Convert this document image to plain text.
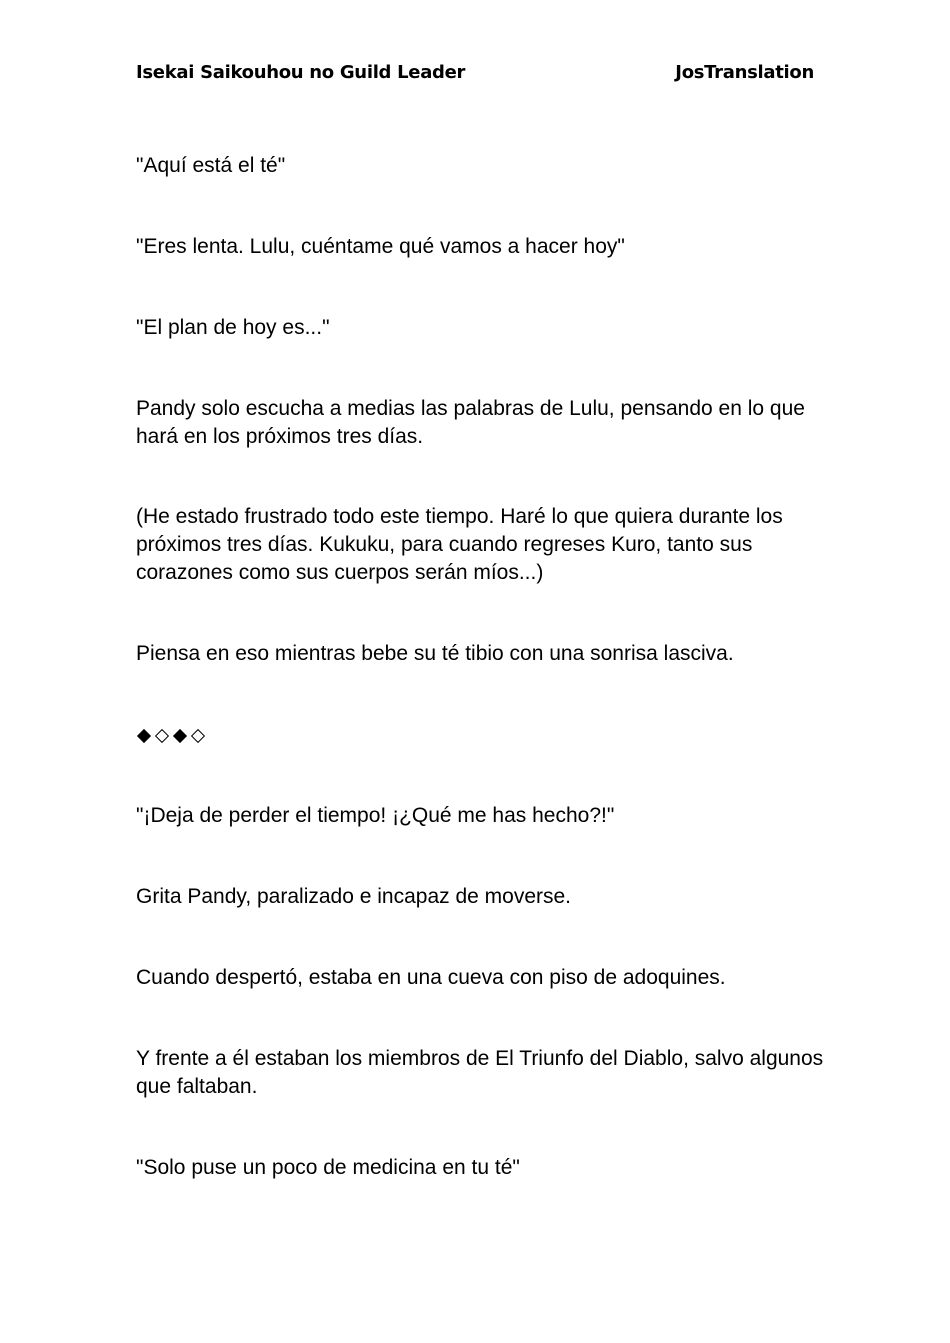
Isekai Saikouhou no Guild Leader	JosTranslation

"Aquí está el té"

"Eres lenta. Lulu, cuéntame qué vamos a hacer hoy"

"El plan de hoy es..."

Pandy solo escucha a medias las palabras de Lulu, pensando en lo que hará en los próximos tres días.

(He estado frustrado todo este tiempo. Haré lo que quiera durante los próximos tres días. Kukuku, para cuando regreses Kuro, tanto sus corazones como sus cuerpos serán míos...)

Piensa en eso mientras bebe su té tibio con una sonrisa lasciva.

"¡Deja de perder el tiempo! ¡¿Qué me has hecho?!"

Grita Pandy, paralizado e incapaz de moverse.

Cuando despertó, estaba en una cueva con piso de adoquines.

Y frente a él estaban los miembros de El Triunfo del Diablo, salvo algunos que faltaban.

"Solo puse un poco de medicina en tu té"
